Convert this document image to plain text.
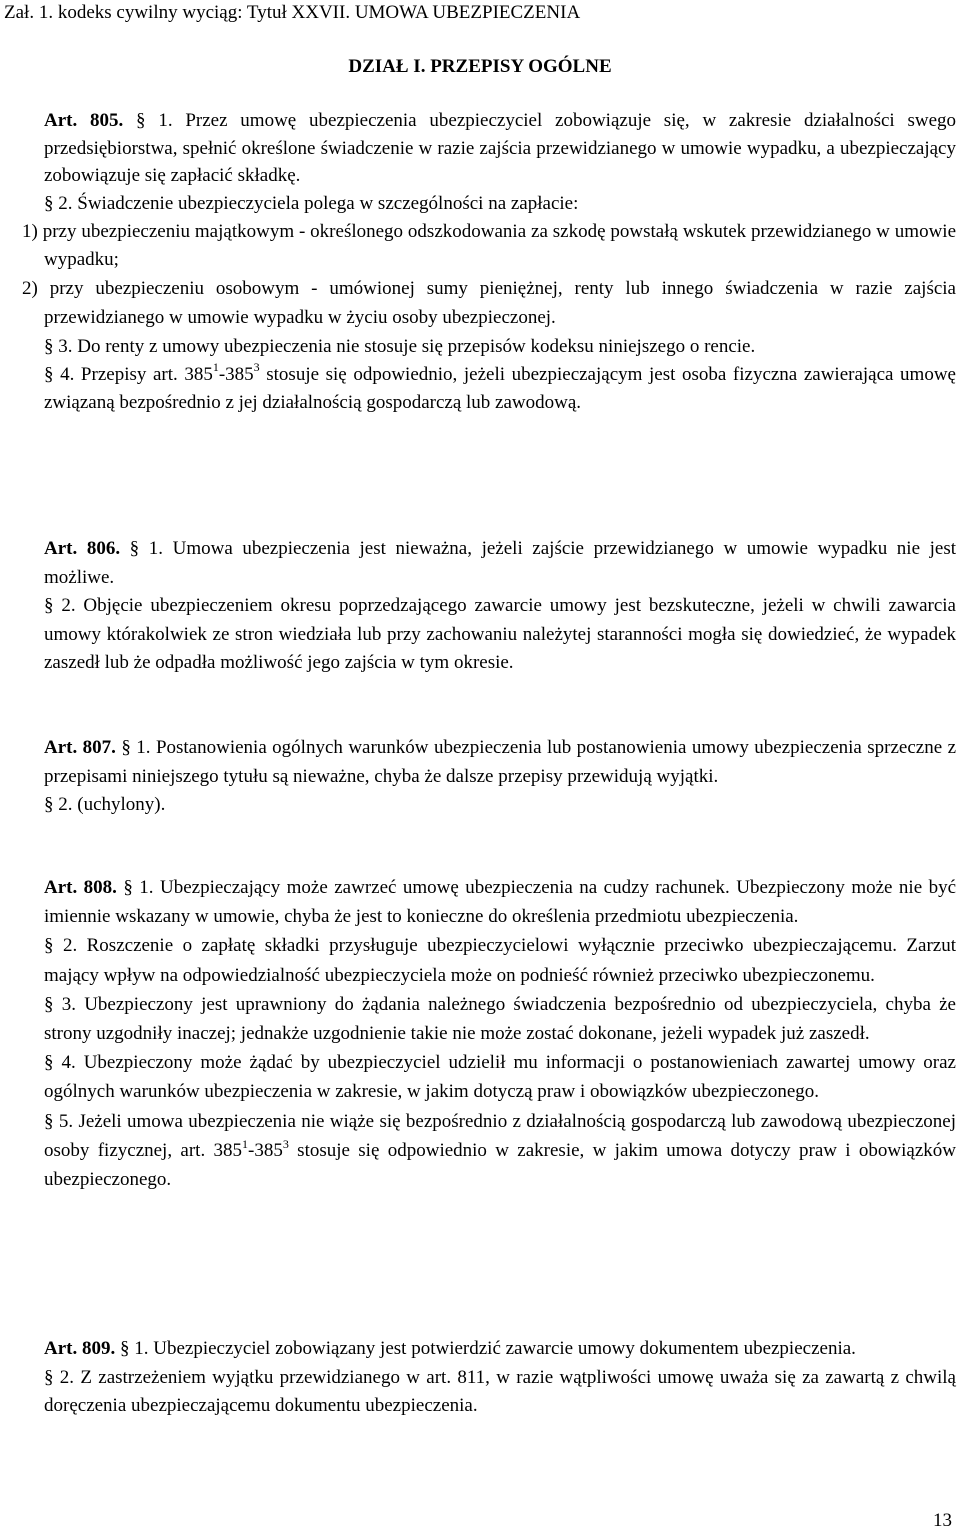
Zał. 1. kodeks cywilny wyciąg: Tytuł XXVII. UMOWA UBEZPIECZENIA
DZIAŁ I. PRZEPISY OGÓLNE

Art. 805. § 1. Przez umowę ubezpieczenia ubezpieczyciel zobowiązuje się, w zakresie działalności swego przedsiębiorstwa, spełnić określone świadczenie w razie zajścia przewidzianego w umowie wypadku, a ubezpieczający zobowiązuje się zapłacić składkę.

§ 2. Świadczenie ubezpieczyciela polega w szczególności na zapłacie:

1) przy ubezpieczeniu majątkowym - określonego odszkodowania za szkodę powstałą wskutek przewidzianego w umowie wypadku;

2) przy ubezpieczeniu osobowym - umówionej sumy pieniężnej, renty lub innego świadczenia w razie zajścia przewidzianego w umowie wypadku w życiu osoby ubezpieczonej.

§ 3. Do renty z umowy ubezpieczenia nie stosuje się przepisów kodeksu niniejszego o rencie.

§ 4. Przepisy art. $385^1-385^3$ stosuje się odpowiednio, jeżeli ubezpieczającym jest osoba fizyczna zawierająca umowę związaną bezpośrednio z jej działalnością gospodarczą lub zawodową.

Art. 806. § 1. Umowa ubezpieczenia jest nieważna, jeżeli zajście przewidzianego w umowie wypadku nie jest możliwe.

§ 2. Objęcie ubezpieczeniem okresu poprzedzającego zawarcie umowy jest bezskuteczne, jeżeli w chwili zawarcia umowy którakolwiek ze stron wiedziała lub przy zachowaniu należytej staranności mogła się dowiedzieć, że wypadek zaszedł lub że odpadła możliwość jego zajścia w tym okresie.

Art. 807. § 1. Postanowienia ogólnych warunków ubezpieczenia lub postanowienia umowy ubezpieczenia sprzeczne z przepisami niniejszego tytułu są nieważne, chyba że dalsze przepisy przewidują wyjątki.

§ 2. (uchylony).

Art. 808. § 1. Ubezpieczający może zawrzeć umowę ubezpieczenia na cudzy rachunek. Ubezpieczony może nie być imiennie wskazany w umowie, chyba że jest to konieczne do określenia przedmiotu ubezpieczenia.

§ 2. Roszczenie o zapłatę składki przysługuje ubezpieczycielowi wyłącznie przeciwko ubezpieczającemu. Zarzut mający wpływ na odpowiedzialność ubezpieczyciela może on podnieść również przeciwko ubezpieczonemu.

§ 3. Ubezpieczony jest uprawniony do żądania należnego świadczenia bezpośrednio od ubezpieczyciela, chyba że strony uzgodniły inaczej; jednakże uzgodnienie takie nie może zostać dokonane, jeżeli wypadek już zaszedł.

§ 4. Ubezpieczony może żądać by ubezpieczyciel udzielił mu informacji o postanowieniach zawartej umowy oraz ogólnych warunków ubezpieczenia w zakresie, w jakim dotyczą praw i obowiązków ubezpieczonego.

§ 5. Jeżeli umowa ubezpieczenia nie wiąże się bezpośrednio z działalnością gospodarczą lub zawodową ubezpieczonej osoby fizycznej, art. $385^1-385^3$ stosuje się odpowiednio w zakresie, w jakim umowa dotyczy praw i obowiązków ubezpieczonego.

Art. 809. § 1. Ubezpieczyciel zobowiązany jest potwierdzić zawarcie umowy dokumentem ubezpieczenia.

§ 2. Z zastrzeżeniem wyjątku przewidzianego w art. 811, w razie wątpliwości umowę uważa się za zawartą z chwilą doręczenia ubezpieczającemu dokumentu ubezpieczenia.

13
